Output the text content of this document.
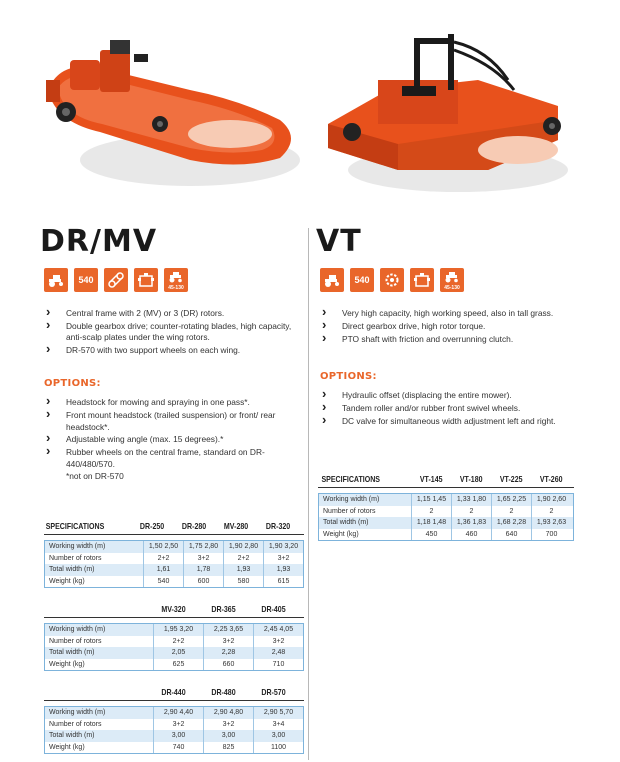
DR/MV
540
45-130
› Central frame with 2 (MV) or 3 (DR) rotors.
› Double gearbox drive; counter-rotating blades, high capacity, anti-scalp plates under the wing rotors.
› DR-570 with two support wheels on each wing.
OPTIONS:
› Headstock for mowing and spraying in one pass*.
› Front mount headstock (trailed suspension) or front/ rear headstock*.
› Adjustable wing angle (max. 15 degrees).*
› Rubber wheels on the central frame, standard on DR-440/480/570.
*not on DR-570
VT
540
45-130
› Very high capacity, high working speed, also in tall grass.
› Direct gearbox drive, high rotor torque.
› PTO shaft with friction and overrunning clutch.
OPTIONS:
› Hydraulic offset (displacing the entire mower).
› Tandem roller and/or rubber front swivel wheels.
› DC valve for simultaneous width adjustment left and right.
SPECIFICATIONS	DR-250	DR-280	MV-280	DR-320
Working width (m)	1,50 2,50	1,75 2,80	1,90 2,80	1,90 3,20
Number of rotors	2+2	3+2	2+2	3+2
Total width (m)	1,61	1,78	1,93	1,93
Weight (kg)	540	600	580	615
MV-320	DR-365	DR-405
Working width (m)	1,95 3,20	2,25 3,65	2,45 4,05
Number of rotors	2+2	3+2	3+2
Total width (m)	2,05	2,28	2,48
Weight (kg)	625	660	710
DR-440	DR-480	DR-570
Working width (m)	2,90 4,40	2,90 4,80	2,90 5,70
Number of rotors	3+2	3+2	3+4
Total width (m)	3,00	3,00	3,00
Weight (kg)	740	825	1100
SPECIFICATIONS	VT-145	VT-180	VT-225	VT-260
Working width (m)	1,15 1,45	1,33 1,80	1,65 2,25	1,90 2,60
Number of rotors	2	2	2	2
Total width (m)	1,18 1,48	1,36 1,83	1,68 2,28	1,93 2,63
Weight (kg)	450	460	640	700
